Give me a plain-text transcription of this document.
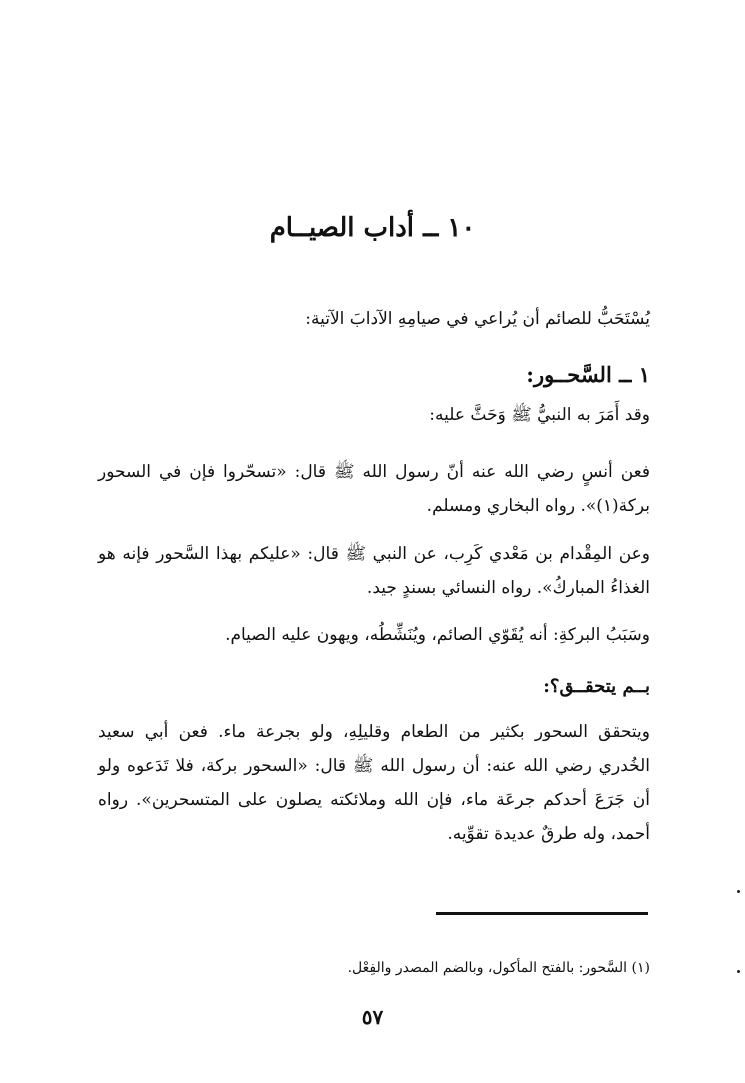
١٠ ــ أداب الصيــام

يُسْتَحَبُّ للصائم أن يُراعي في صيامِهِ الآدابَ الآتية:

١ ــ السَّحــور:

وقد أَمَرَ به النبيُّ ﷺ وَحَثَّ عليه:

فعن أنسٍ رضي الله عنه أنّ رسول الله ﷺ قال: «تسحّروا فإن في السحور بركة(١)». رواه البخاري ومسلم.

وعن المِقْدام بن مَعْدي كَرِب، عن النبي ﷺ قال: «عليكم بهذا السَّحور فإنه هو الغذاءُ المباركُ». رواه النسائي بسندٍ جيد.

وسَبَبُ البركةِ: أنه يُقَوّي الصائم، ويُنَشِّطُه، ويهون عليه الصيام.

بــم يتحقــق؟:

ويتحقق السحور بكثير من الطعام وقليلِهِ، ولو بجرعة ماء. فعن أبي سعيد الخُدري رضي الله عنه: أن رسول الله ﷺ قال: «السحور بركة، فلا تَدَعوه ولو أن جَرَعَ أحدكم جرعَة ماء، فإن الله وملائكته يصلون على المتسحرين». رواه أحمد، وله طرقٌ عديدة تقوِّيه.

(١) السَّحور: بالفتح المأكول، وبالضم المصدر والفِعْل.

٥٧
